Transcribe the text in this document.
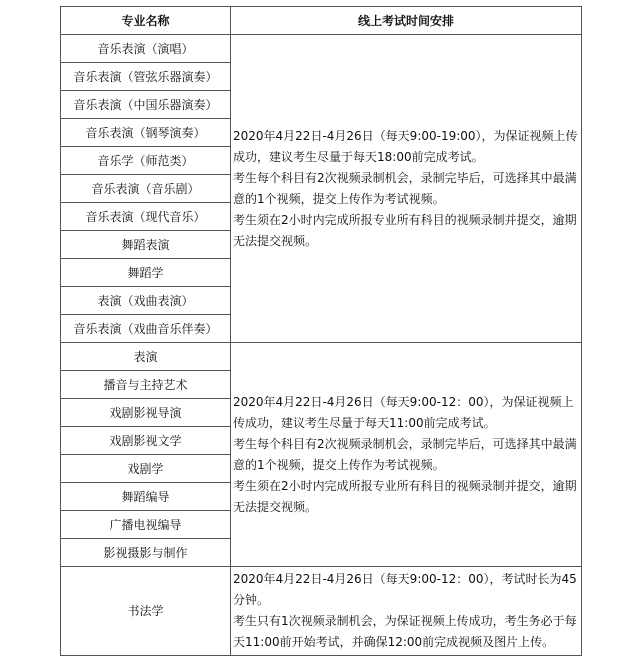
专业名称	线上考试时间安排
音乐表演（演唱）	2020年4月22日-4月26日（每天9:00-19:00），为保证视频上传成功，建议考生尽量于每天18:00前完成考试。

考生每个科目有2次视频录制机会，录制完毕后，可选择其中最满意的1个视频，提交上传作为考试视频。

考生须在2小时内完成所报专业所有科目的视频录制并提交，逾期无法提交视频。

音乐表演（管弦乐器演奏）	
音乐表演（中国乐器演奏）	
音乐表演（钢琴演奏）	
音乐学（师范类）	
音乐表演（音乐剧）	
音乐表演（现代音乐）	
舞蹈表演	
舞蹈学	
表演（戏曲表演）	
音乐表演（戏曲音乐伴奏）	
表演	2020年4月22日-4月26日（每天9:00-12：00），为保证视频上传成功，建议考生尽量于每天11:00前完成考试。

考生每个科目有2次视频录制机会，录制完毕后，可选择其中最满意的1个视频，提交上传作为考试视频。

考生须在2小时内完成所报专业所有科目的视频录制并提交，逾期无法提交视频。

播音与主持艺术	
戏剧影视导演	
戏剧影视文学	
戏剧学	
舞蹈编导	
广播电视编导	
影视摄影与制作	
书法学	2020年4月22日-4月26日（每天9:00-12：00），考试时长为45分钟。

考生只有1次视频录制机会，为保证视频上传成功，考生务必于每天11:00前开始考试，并确保12:00前完成视频及图片上传。
